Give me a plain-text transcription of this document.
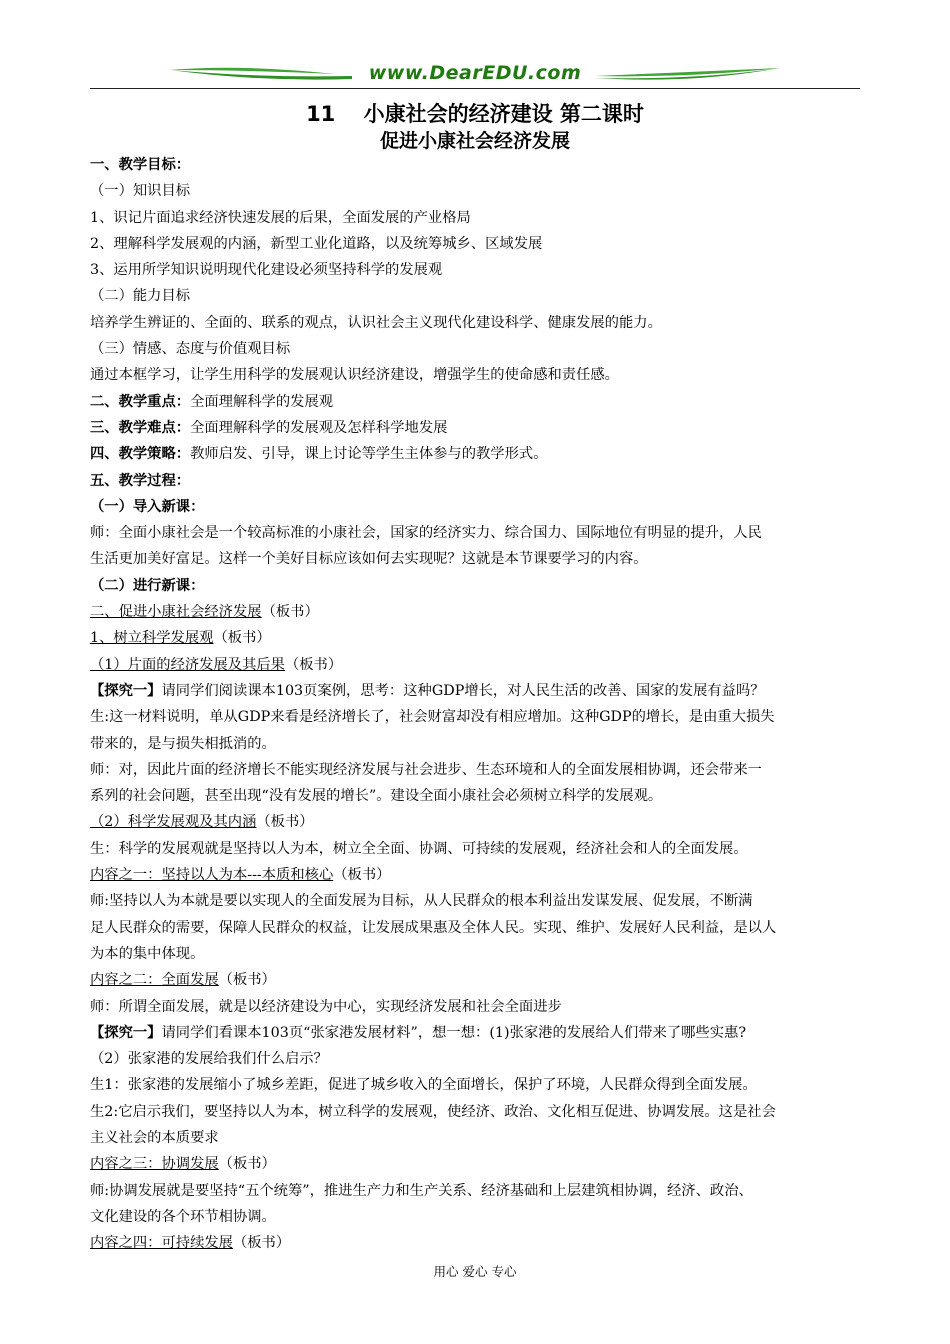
www.DearEDU.com
11　 小康社会的经济建设 第二课时
促进小康社会经济发展

一、教学目标：

（一）知识目标

1、识记片面追求经济快速发展的后果，全面发展的产业格局

2、理解科学发展观的内涵，新型工业化道路，以及统筹城乡、区域发展

3、运用所学知识说明现代化建设必须坚持科学的发展观

（二）能力目标

培养学生辨证的、全面的、联系的观点，认识社会主义现代化建设科学、健康发展的能力。

（三）情感、态度与价值观目标

通过本框学习，让学生用科学的发展观认识经济建设，增强学生的使命感和责任感。

二、教学重点：全面理解科学的发展观

三、教学难点：全面理解科学的发展观及怎样科学地发展

四、教学策略：教师启发、引导，课上讨论等学生主体参与的教学形式。

五、教学过程：

（一）导入新课：

师：全面小康社会是一个较高标准的小康社会，国家的经济实力、综合国力、国际地位有明显的提升，人民

生活更加美好富足。这样一个美好目标应该如何去实现呢？这就是本节课要学习的内容。

（二）进行新课：

二、促进小康社会经济发展（板书）

1、树立科学发展观（板书）

（1）片面的经济发展及其后果（板书）

【探究一】请同学们阅读课本103页案例，思考：这种GDP增长，对人民生活的改善、国家的发展有益吗？

生:这一材料说明，单从GDP来看是经济增长了，社会财富却没有相应增加。这种GDP的增长，是由重大损失

带来的，是与损失相抵消的。

师：对，因此片面的经济增长不能实现经济发展与社会进步、生态环境和人的全面发展相协调，还会带来一

系列的社会问题，甚至出现“没有发展的增长”。建设全面小康社会必须树立科学的发展观。

（2）科学发展观及其内涵（板书）

生：科学的发展观就是坚持以人为本，树立全全面、协调、可持续的发展观，经济社会和人的全面发展。

内容之一：坚持以人为本---本质和核心（板书）

师:坚持以人为本就是要以实现人的全面发展为目标，从人民群众的根本利益出发谋发展、促发展，不断满

足人民群众的需要，保障人民群众的权益，让发展成果惠及全体人民。实现、维护、发展好人民利益，是以人

为本的集中体现。

内容之二：全面发展（板书）

师：所谓全面发展，就是以经济建设为中心，实现经济发展和社会全面进步

【探究一】请同学们看课本103页“张家港发展材料”，想一想：(1)张家港的发展给人们带来了哪些实惠?

（2）张家港的发展给我们什么启示？

生1：张家港的发展缩小了城乡差距，促进了城乡收入的全面增长，保护了环境，人民群众得到全面发展。

生2:它启示我们，要坚持以人为本，树立科学的发展观，使经济、政治、文化相互促进、协调发展。这是社会

主义社会的本质要求

内容之三：协调发展（板书）

师:协调发展就是要坚持“五个统筹”，推进生产力和生产关系、经济基础和上层建筑相协调，经济、政治、

文化建设的各个环节相协调。

内容之四：可持续发展（板书）

用心 爱心 专心
